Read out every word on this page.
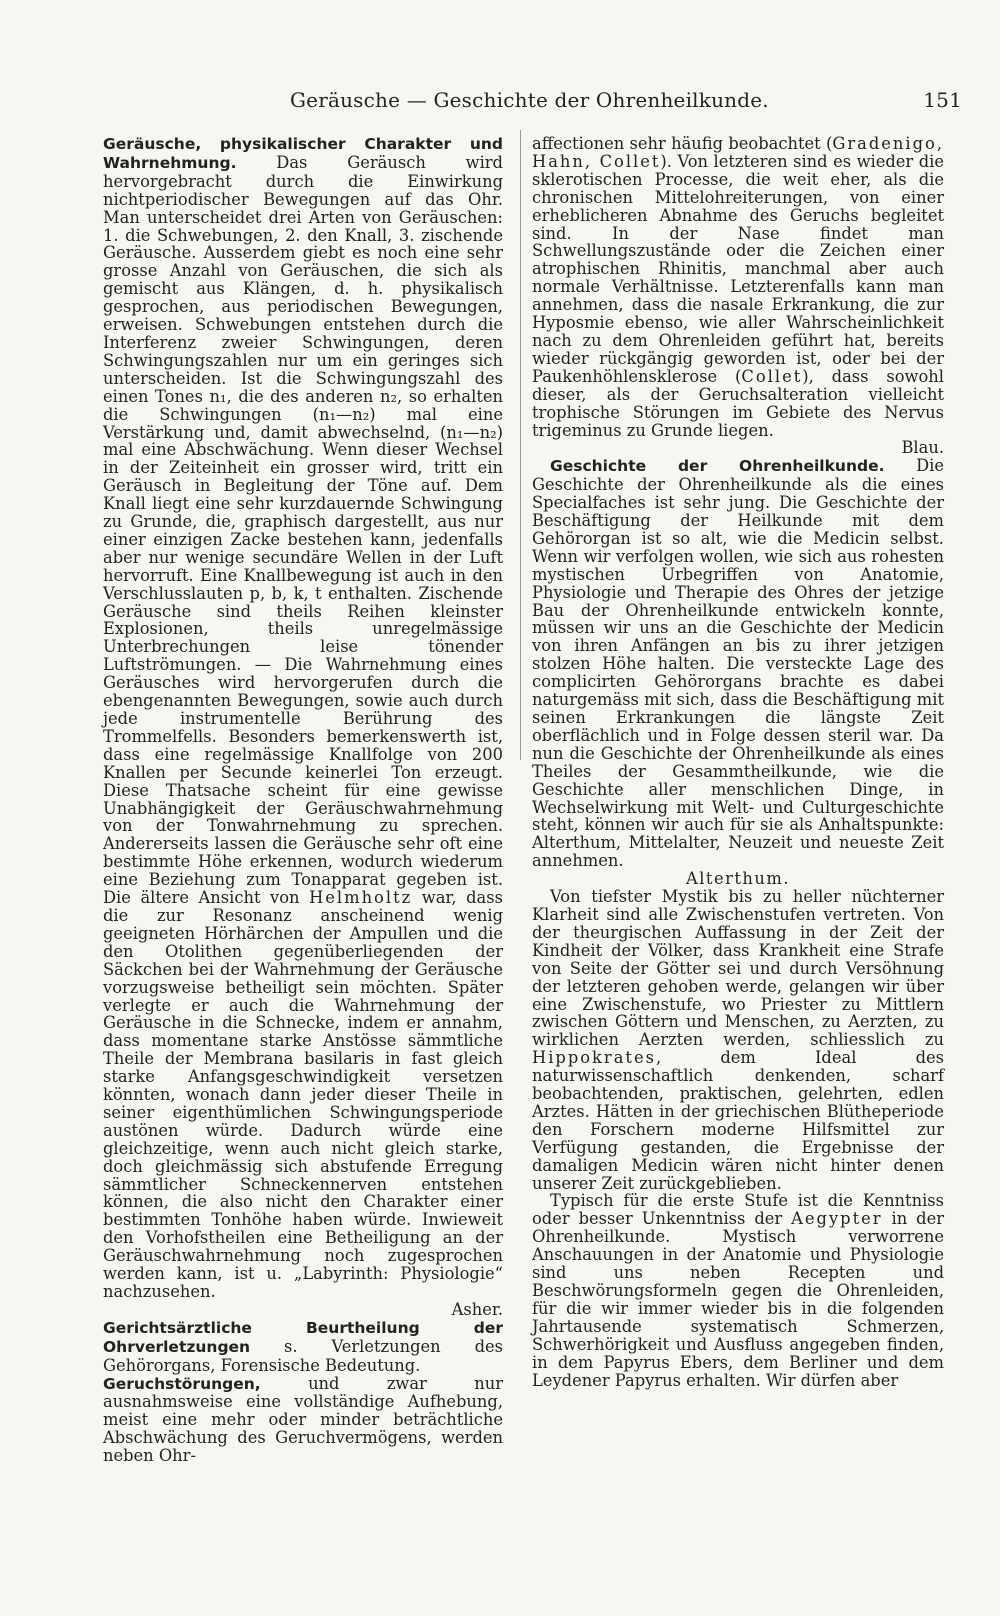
Geräusche — Geschichte der Ohrenheilkunde.	151

Geräusche, physikalischer Charakter und Wahrnehmung. Das Geräusch wird hervorgebracht durch die Einwirkung nichtperiodischer Bewegungen auf das Ohr. Man unterscheidet drei Arten von Geräuschen: 1. die Schwebungen, 2. den Knall, 3. zischende Geräusche. Ausserdem giebt es noch eine sehr grosse Anzahl von Geräuschen, die sich als gemischt aus Klängen, d. h. physikalisch gesprochen, aus periodischen Bewegungen, erweisen. Schwebungen entstehen durch die Interferenz zweier Schwingungen, deren Schwingungszahlen nur um ein geringes sich unterscheiden. Ist die Schwingungszahl des einen Tones n₁, die des anderen n₂, so erhalten die Schwingungen (n₁—n₂) mal eine Verstärkung und, damit abwechselnd, (n₁—n₂) mal eine Abschwächung. Wenn dieser Wechsel in der Zeiteinheit ein grosser wird, tritt ein Geräusch in Begleitung der Töne auf. Dem Knall liegt eine sehr kurzdauernde Schwingung zu Grunde, die, graphisch dargestellt, aus nur einer einzigen Zacke bestehen kann, jedenfalls aber nur wenige secundäre Wellen in der Luft hervorruft. Eine Knallbewegung ist auch in den Verschlusslauten p, b, k, t enthalten. Zischende Geräusche sind theils Reihen kleinster Explosionen, theils unregelmässige Unterbrechungen leise tönender Luftströmungen. — Die Wahrnehmung eines Geräusches wird hervorgerufen durch die ebengenannten Bewegungen, sowie auch durch jede instrumentelle Berührung des Trommelfells. Besonders bemerkenswerth ist, dass eine regelmässige Knallfolge von 200 Knallen per Secunde keinerlei Ton erzeugt. Diese Thatsache scheint für eine gewisse Unabhängigkeit der Geräuschwahrnehmung von der Tonwahrnehmung zu sprechen. Andererseits lassen die Geräusche sehr oft eine bestimmte Höhe erkennen, wodurch wiederum eine Beziehung zum Tonapparat gegeben ist. Die ältere Ansicht von Helmholtz war, dass die zur Resonanz anscheinend wenig geeigneten Hörhärchen der Ampullen und die den Otolithen gegenüberliegenden der Säckchen bei der Wahrnehmung der Geräusche vorzugsweise betheiligt sein möchten. Später verlegte er auch die Wahrnehmung der Geräusche in die Schnecke, indem er annahm, dass momentane starke Anstösse sämmtliche Theile der Membrana basilaris in fast gleich starke Anfangsgeschwindigkeit versetzen könnten, wonach dann jeder dieser Theile in seiner eigenthümlichen Schwingungsperiode austönen würde. Dadurch würde eine gleichzeitige, wenn auch nicht gleich starke, doch gleichmässig sich abstufende Erregung sämmtlicher Schneckennerven entstehen können, die also nicht den Charakter einer bestimmten Tonhöhe haben würde. Inwieweit den Vorhofstheilen eine Betheiligung an der Geräuschwahrnehmung noch zugesprochen werden kann, ist u. „Labyrinth: Physiologie“ nachzusehen.
Asher.

Gerichtsärztliche Beurtheilung der Ohrverletzungen s. Verletzungen des Gehörorgans, Forensische Bedeutung.

Geruchstörungen,	und zwar nur ausnahmsweise eine vollständige Aufhebung, meist eine mehr oder minder beträchtliche Abschwächung des Geruchvermögens, werden neben Ohr-

affectionen sehr häufig beobachtet (Gradenigo, Hahn, Collet). Von letzteren sind es wieder die sklerotischen Processe, die weit eher, als die chronischen Mittelohreiterungen, von einer erheblicheren Abnahme des Geruchs begleitet sind. In der Nase findet man Schwellungszustände oder die Zeichen einer atrophischen Rhinitis, manchmal aber auch normale Verhältnisse. Letzterenfalls kann man annehmen, dass die nasale Erkrankung, die zur Hyposmie ebenso, wie aller Wahrscheinlichkeit nach zu dem Ohrenleiden geführt hat, bereits wieder rückgängig geworden ist, oder bei der Paukenhöhlensklerose (Collet), dass sowohl dieser, als der Geruchsalteration vielleicht trophische Störungen im Gebiete des Nervus trigeminus zu Grunde liegen.
Blau.

Geschichte der Ohrenheilkunde. Die Geschichte der Ohrenheilkunde als die eines Specialfaches ist sehr jung. Die Geschichte der Beschäftigung der Heilkunde mit dem Gehörorgan ist so alt, wie die Medicin selbst. Wenn wir verfolgen wollen, wie sich aus rohesten mystischen Urbegriffen von Anatomie, Physiologie und Therapie des Ohres der jetzige Bau der Ohrenheilkunde entwickeln konnte, müssen wir uns an die Geschichte der Medicin von ihren Anfängen an bis zu ihrer jetzigen stolzen Höhe halten. Die versteckte Lage des complicirten Gehörorgans brachte es dabei naturgemäss mit sich, dass die Beschäftigung mit seinen Erkrankungen die längste Zeit oberflächlich und in Folge dessen steril war. Da nun die Geschichte der Ohrenheilkunde als eines Theiles der Gesammtheilkunde, wie die Geschichte aller menschlichen Dinge, in Wechselwirkung mit Welt- und Culturgeschichte steht, können wir auch für sie als Anhaltspunkte: Alterthum, Mittelalter, Neuzeit und neueste Zeit annehmen.

Alterthum.

Von tiefster Mystik bis zu heller nüchterner Klarheit sind alle Zwischenstufen vertreten. Von der theurgischen Auffassung in der Zeit der Kindheit der Völker, dass Krankheit eine Strafe von Seite der Götter sei und durch Versöhnung der letzteren gehoben werde, gelangen wir über eine Zwischenstufe, wo Priester zu Mittlern zwischen Göttern und Menschen, zu Aerzten, zu wirklichen Aerzten werden, schliesslich zu Hippokrates, dem Ideal des naturwissenschaftlich denkenden, scharf beobachtenden, praktischen, gelehrten, edlen Arztes. Hätten in der griechischen Blütheperiode den Forschern moderne Hilfsmittel zur Verfügung gestanden, die Ergebnisse der damaligen Medicin wären nicht hinter denen unserer Zeit zurückgeblieben.

Typisch für die erste Stufe ist die Kenntniss oder besser Unkenntniss der Aegypter in der Ohrenheilkunde. Mystisch verworrene Anschauungen in der Anatomie und Physiologie sind uns neben Recepten und Beschwörungsformeln gegen die Ohrenleiden, für die wir immer wieder bis in die folgenden Jahrtausende systematisch Schmerzen, Schwerhörigkeit und Ausfluss angegeben finden, in dem Papyrus Ebers, dem Berliner und dem Leydener Papyrus erhalten. Wir dürfen aber
